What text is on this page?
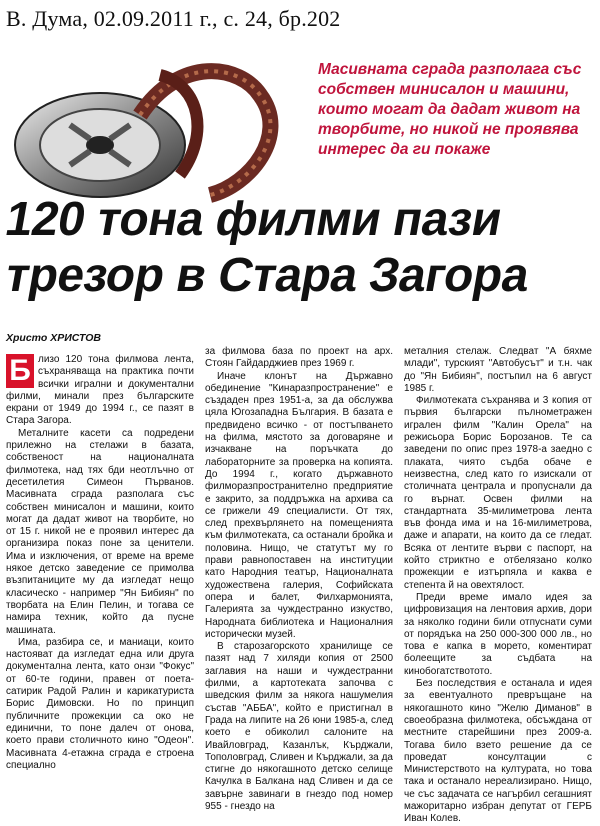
В. Дума, 02.09.2011 г., с. 24, бр.202
Масивната сграда разполага със собствен минисалон и машини, които могат да дадат живот на творбите, но никой не проявява интерес да ги покаже
120 тона филми пази
трезор в Стара Загора
Христо ХРИСТОВ
Б лизо 120 тона филмова лента, съхраняваща на практика почти всички игрални и документални филми, минали през българските екрани от 1949 до 1994 г., се пазят в Стара Загора.

Металните касети са подредени прилежно на стелажи в базата, собственост на националната филмотека, над тях бди неотлъчно от десетилетия Симеон Първанов. Масивната сграда разполага със собствен минисалон и машини, които могат да дадат живот на творбите, но от 15 г. никой не е проявил интерес да организира показ поне за ценители. Има и изключения, от време на време някое детско заведение се примолва възпитаниците му да изгледат нещо класическо - например "Ян Бибиян" по творбата на Елин Пелин, и тогава се намира техник, който да пусне машината.

Има, разбира се, и маниаци, които настояват да изгледат една или друга документална лента, като онзи "Фокус" от 60-те години, правен от поета-сатирик Радой Ралин и карикатуриста Борис Димовски. Но по принцип публичните прожекции са око не единични, то поне далеч от онова, което прави столичното кино "Одеон". Масивната 4-етажна сграда е строена специално

за филмова база по проект на арх. Стоян Гайдарджиев през 1969 г.

Иначе клонът на Държавно обединение "Кинаразпространение" е създаден през 1951-а, за да обслужва цяла Югозападна България. В базата е предвидено всичко - от постъпването на филма, мястото за договаряне и изчакване на поръчката до лабораторните за проверка на копията. До 1994 г., когато държавното филморазпространително предприятие е закрито, за поддръжка на архива са се грижели 49 специалисти. От тях, след прехвърлянето на помещенията към филмотеката, са останали бройка и половина. Нищо, че статутът му го прави равнопоставен на институции като Народния театър, Националната художествена галерия, Софийската опера и балет, Филхармонията, Галерията за чуждестранно изкуство, Народната библиотека и Националния исторически музей.

В старозагорското хранилище се пазят над 7 хиляди копия от 2500 заглавия на наши и чуждестранни филми, а картотеката започва с шведския филм за някога нашумелия състав "АББА", който е пристигнал в Града на липите на 26 юни 1985-а, след което е обиколил салоните на Ивайловград, Казанлък, Кърджали, Тополовград, Сливен и Кърджали, за да стигне до някогашното детско селище Качулка в Балкана над Сливен и да се завърне завинаги в гнездо под номер 955 - гнездо на

металния стелаж. Следват "А бяхме млади", турският "Автобусът" и т.н. чак до "Ян Бибиян", постъпил на 6 август 1985 г.

Филмотеката съхранява и 3 копия от първия български пълнометражен игрален филм "Калин Орела" на режисьора Борис Борозанов. Те са заведени по опис през 1978-а заедно с плаката, чиято съдба обаче е неизвестна, след като го изискали от столичната централа и пропуснали да го върнат. Освен филми на стандартната 35-милиметрова лента във фонда има и на 16-милиметрова, даже и апарати, на които да се гледат. Всяка от лентите върви с паспорт, на който стриктно е отбелязано колко прожекции е изтърпяла и каква е степента й на овехтялост.

Преди време имало идея за цифровизация на лентовия архив, дори за няколко години били отпуснати суми от порядъка на 250 000-300 000 лв., но това е капка в морето, коментират болеещите за съдбата на кинобогатствотото.

Без последствия е останала и идея за евентуалното превръщане на някогашното кино "Желю Диманов" в своеобразна филмотека, обсъждана от местните старейшини през 2009-а. Тогава било взето решение да се проведат консултации с Министерството на културата, но това така и останало нереализирано. Нищо, че със задачата се нагърбил сегашният мажоритарно избран депутат от ГЕРБ Иван Колев.
